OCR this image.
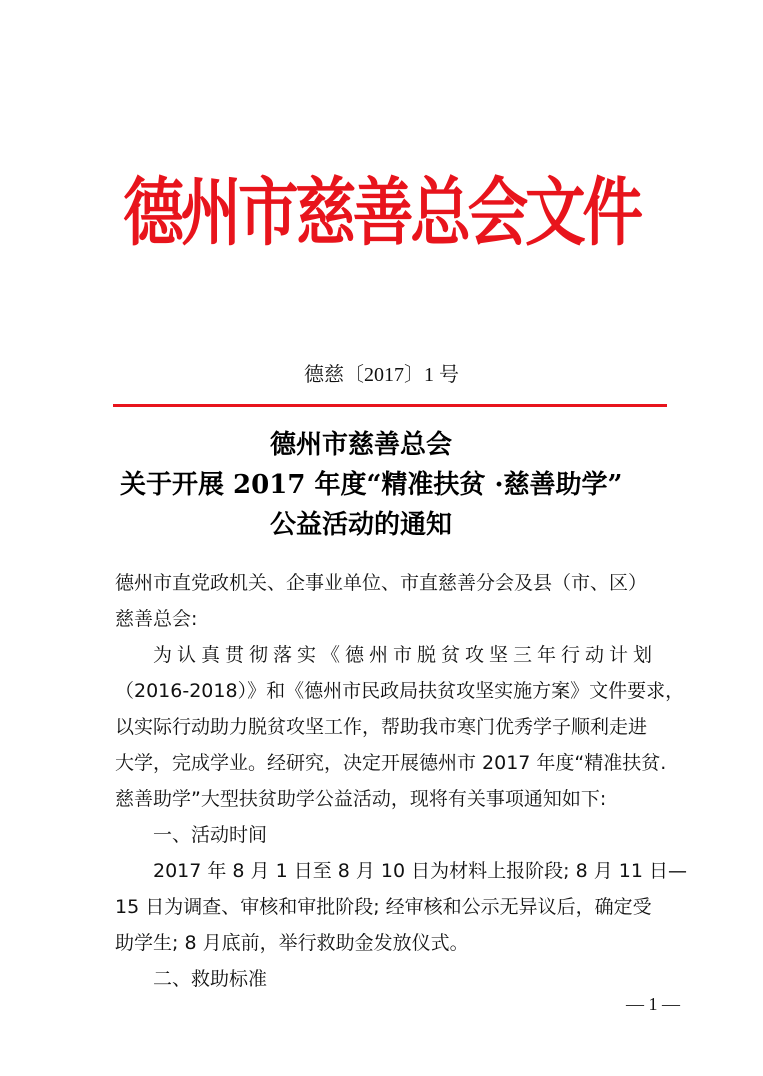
德州市慈善总会文件
德慈〔2017〕1 号
德州市慈善总会
关于开展 2017 年度“精准扶贫 ·慈善助学”
公益活动的通知
德州市直党政机关、企事业单位、市直慈善分会及县（市、区）
慈善总会:
为认真贯彻落实《德州市脱贫攻坚三年行动计划
（2016-2018）》和《德州市民政局扶贫攻坚实施方案》文件要求，
以实际行动助力脱贫攻坚工作，帮助我市寒门优秀学子顺利走进
大学，完成学业。经研究，决定开展德州市 2017 年度“精准扶贫.
慈善助学”大型扶贫助学公益活动，现将有关事项通知如下:
一、活动时间
2017 年 8 月 1 日至 8 月 10 日为材料上报阶段; 8 月 11 日—
15 日为调查、审核和审批阶段; 经审核和公示无异议后，确定受
助学生; 8 月底前，举行救助金发放仪式。
二、救助标准
— 1 —
